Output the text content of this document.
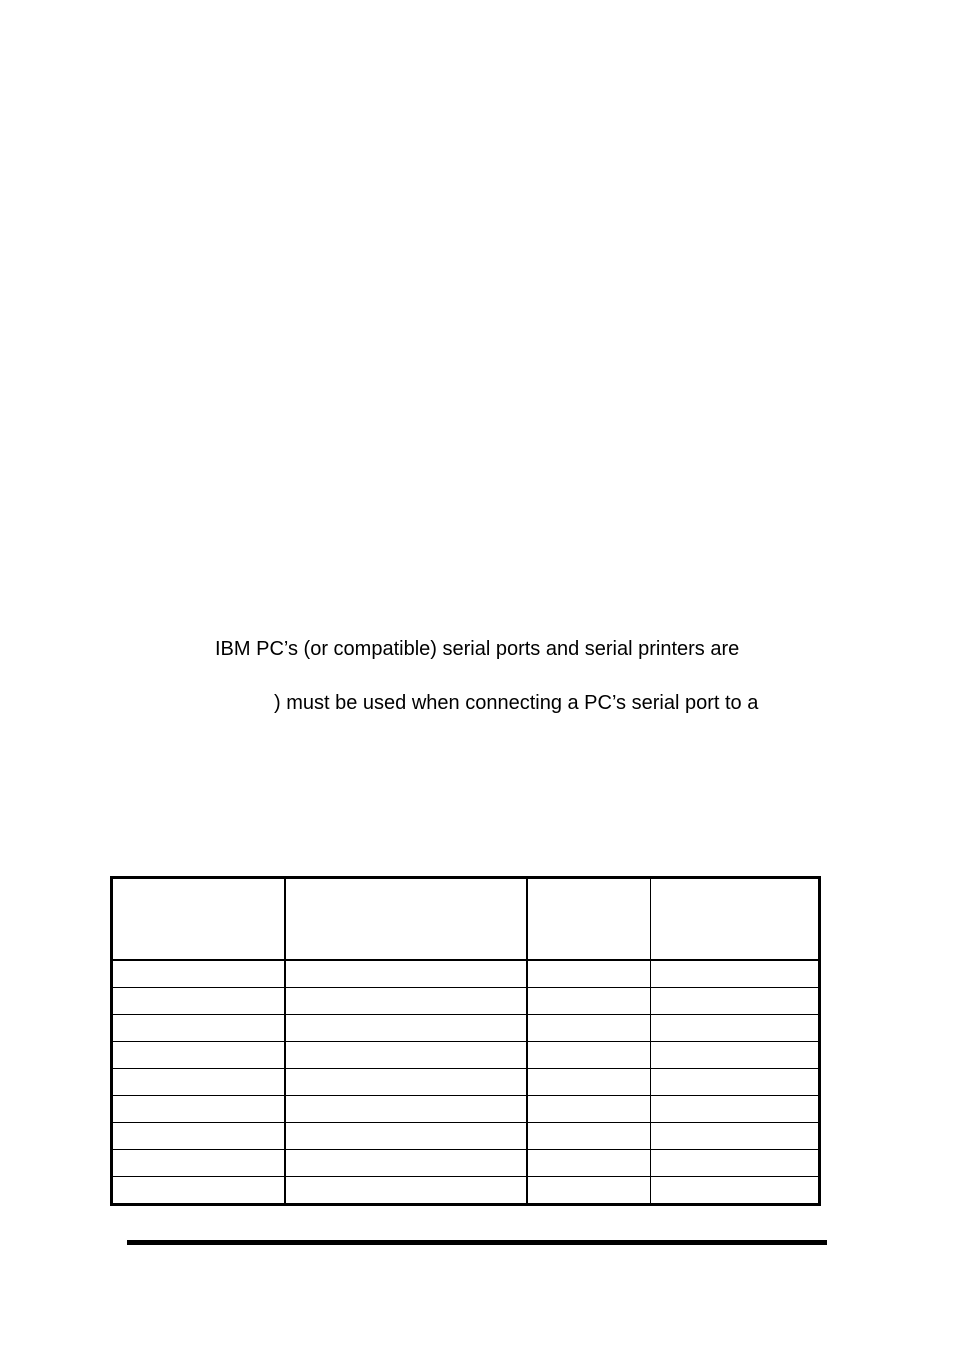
IBM PC’s (or compatible) serial ports and serial printers are
) must be used when connecting a PC’s serial port to a
